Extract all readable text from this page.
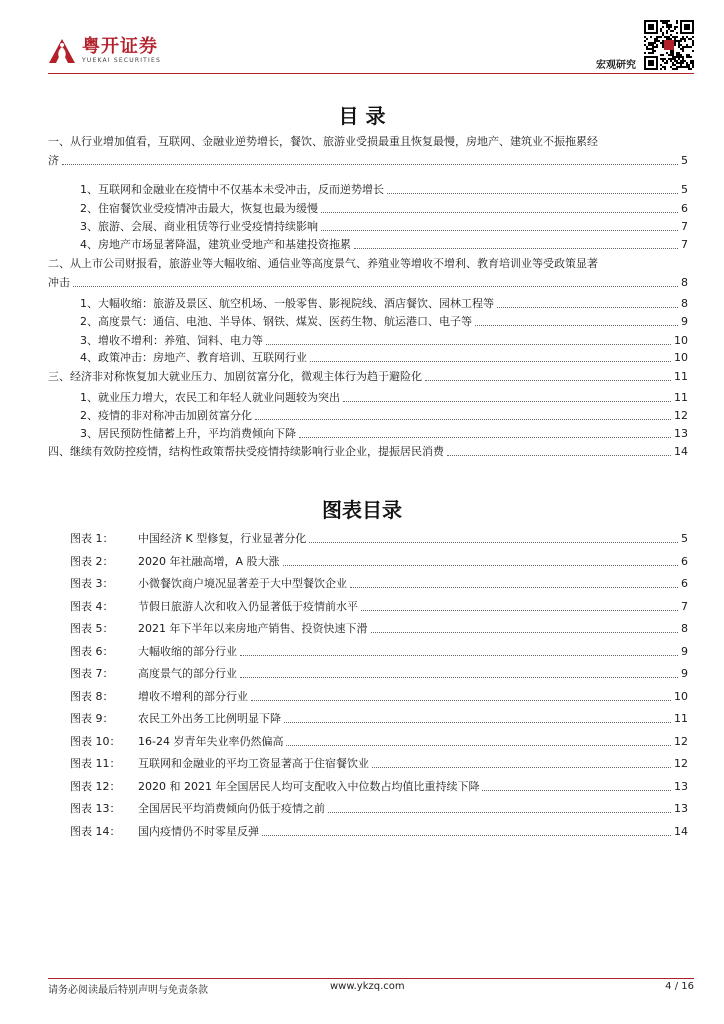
粤开证券
YUEKAI SECURITIES	宏观研究
目 录
一、从行业增加值看，互联网、金融业逆势增长，餐饮、旅游业受损最重且恢复最慢，房地产、建筑业不振拖累经
济	5
1、互联网和金融业在疫情中不仅基本未受冲击，反而逆势增长	5
2、住宿餐饮业受疫情冲击最大，恢复也最为缓慢	6
3、旅游、会展、商业租赁等行业受疫情持续影响	7
4、房地产市场显著降温，建筑业受地产和基建投资拖累	7
二、从上市公司财报看，旅游业等大幅收缩、通信业等高度景气、养殖业等增收不增利、教育培训业等受政策显著
冲击	8
1、大幅收缩：旅游及景区、航空机场、一般零售、影视院线、酒店餐饮、园林工程等	8
2、高度景气：通信、电池、半导体、钢铁、煤炭、医药生物、航运港口、电子等	9
3、增收不增利：养殖、饲料、电力等	10
4、政策冲击：房地产、教育培训、互联网行业	10
三、经济非对称恢复加大就业压力、加剧贫富分化，微观主体行为趋于避险化	11
1、就业压力增大，农民工和年轻人就业问题较为突出	11
2、疫情的非对称冲击加剧贫富分化	12
3、居民预防性储蓄上升，平均消费倾向下降	13
四、继续有效防控疫情，结构性政策帮扶受疫情持续影响行业企业，提振居民消费	14
图表目录
图表 1：	中国经济 K 型修复，行业显著分化	5
图表 2：	2020 年社融高增，A 股大涨	6
图表 3：	小微餐饮商户境况显著差于大中型餐饮企业	6
图表 4：	节假日旅游人次和收入仍显著低于疫情前水平	7
图表 5：	2021 年下半年以来房地产销售、投资快速下滑	8
图表 6：	大幅收缩的部分行业	9
图表 7：	高度景气的部分行业	9
图表 8：	增收不增利的部分行业	10
图表 9：	农民工外出务工比例明显下降	11
图表 10：	16-24 岁青年失业率仍然偏高	12
图表 11：	互联网和金融业的平均工资显著高于住宿餐饮业	12
图表 12：	2020 和 2021 年全国居民人均可支配收入中位数占均值比重持续下降	13
图表 13：	全国居民平均消费倾向仍低于疫情之前	13
图表 14：	国内疫情仍不时零星反弹	14
请务必阅读最后特别声明与免责条款	www.ykzq.com	4 / 16
